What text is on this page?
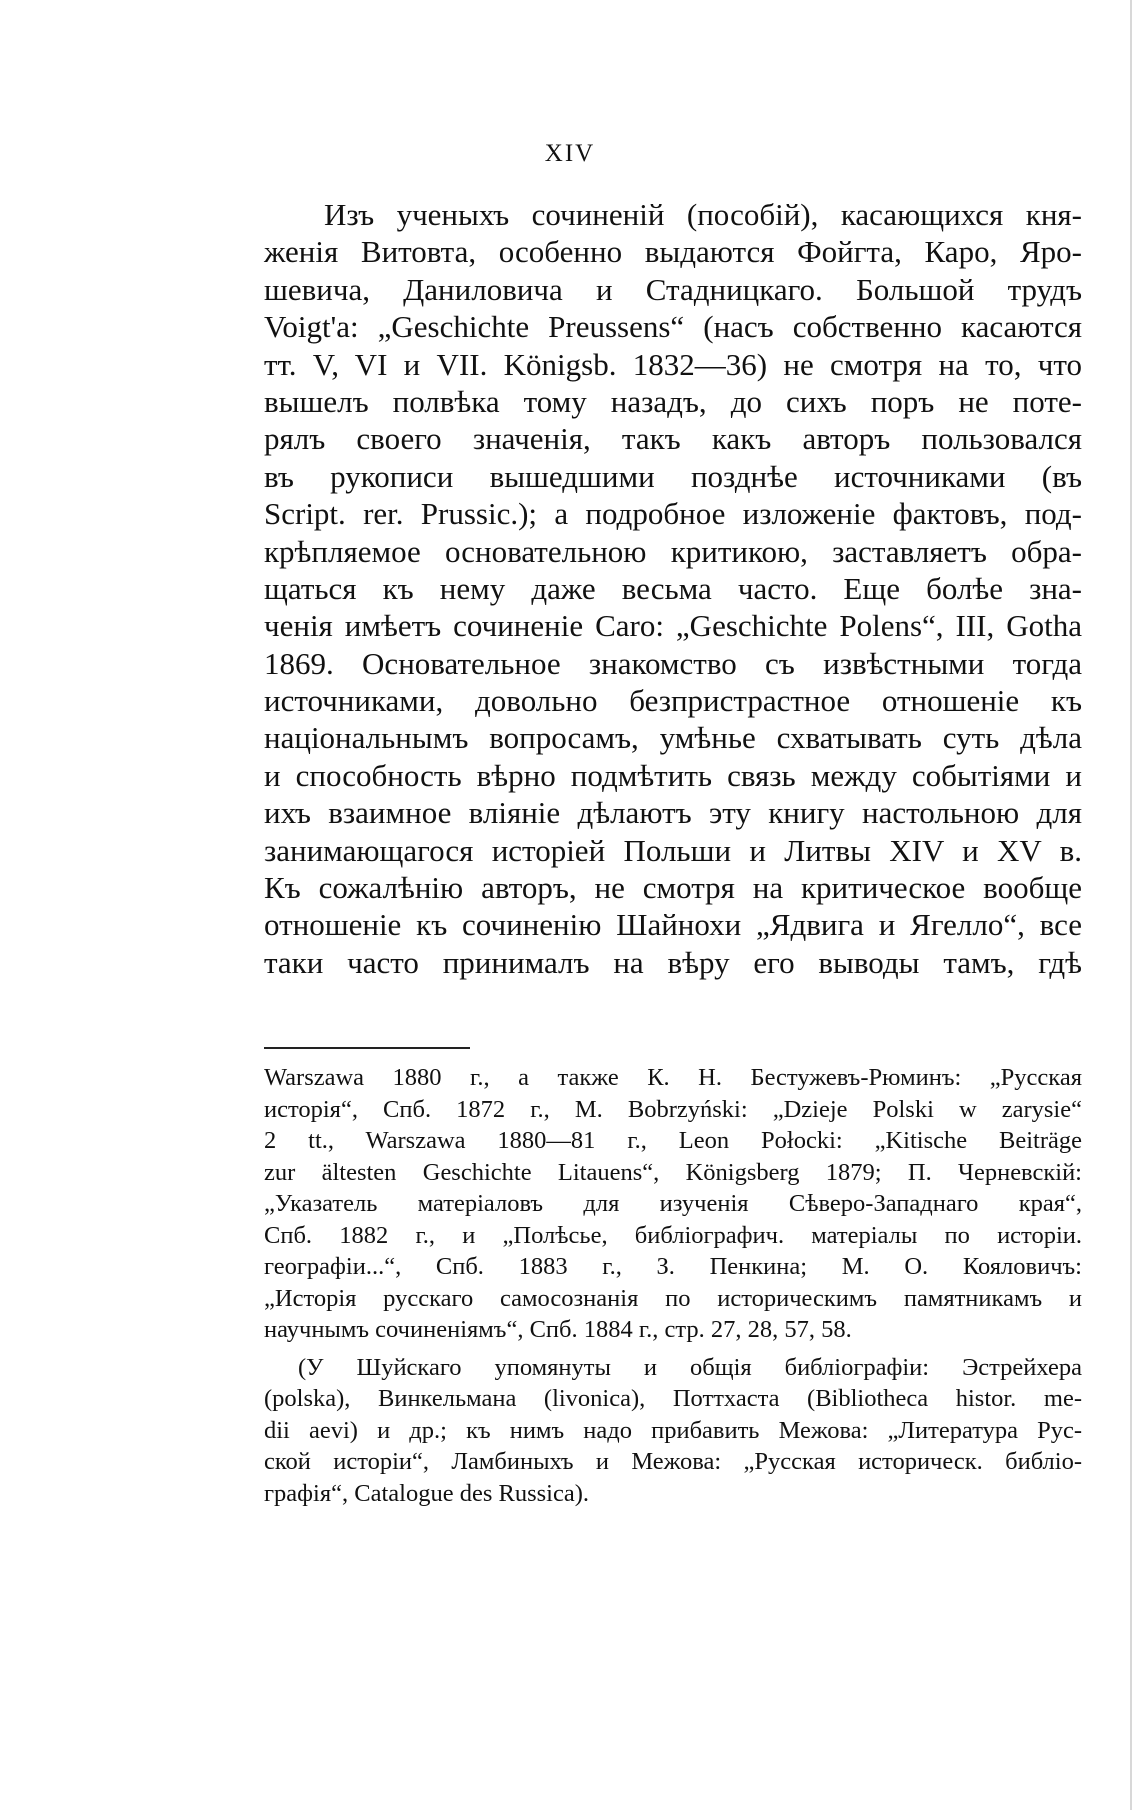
XIV
Изъ ученыхъ сочиненій (пособій), касающихся кня-
женія Витовта, особенно выдаются Фойгта, Каро, Яро-
шевича, Даниловича и Стадницкаго. Большой трудъ
Voigt'а: „Geschichte Preussens“ (насъ собственно касаются
тт. V, VI и VII. Königsb. 1832—36) не смотря на то, что
вышелъ полвѣка тому назадъ, до сихъ поръ не поте-
рялъ своего значенія, такъ какъ авторъ пользовался
въ рукописи вышедшими позднѣе источниками (въ
Script. rer. Prussic.); а подробное изложеніе фактовъ, под-
крѣпляемое основательною критикою, заставляетъ обра-
щаться къ нему даже весьма часто. Еще болѣе зна-
ченія имѣетъ сочиненіе Caro: „Geschichte Polens“, III, Gotha
1869. Основательное знакомство съ извѣстными тогда
источниками, довольно безпристрастное отношеніе къ
національнымъ вопросамъ, умѣнье схватывать суть дѣла
и способность вѣрно подмѣтить связь между событіями и
ихъ взаимное вліяніе дѣлаютъ эту книгу настольною для
занимающагося исторіей Польши и Литвы XIV и XV в.
Къ сожалѣнію авторъ, не смотря на критическое вообще
отношеніе къ сочиненію Шайнохи „Ядвига и Ягелло“, все
таки часто принималъ на вѣру его выводы тамъ, гдѣ
Warszawa 1880 г., а также К. Н. Бестужевъ-Рюминъ: „Русская
исторія“, Спб. 1872 г., M. Bobrzyński: „Dzieje Polski w zarysie“
2 tt., Warszawa 1880—81 г., Leon Połocki: „Kitische Beiträge
zur ältesten Geschichte Litauens“, Königsberg 1879; П. Черневскій:
„Указатель матеріаловъ для изученія Сѣверо-Западнаго края“,
Спб. 1882 г., и „Полѣсье, библіографич. матеріалы по исторіи.
географіи...“, Спб. 1883 г., З. Пенкина; М. О. Кояловичъ:
„Исторія русскаго самосознанія по историческимъ памятникамъ и
научнымъ сочиненіямъ“, Спб. 1884 г., стр. 27, 28, 57, 58.
(У Шуйскаго упомянуты и общія библіографіи: Эстрейхера
(polska), Винкельмана (livonica), Поттхаста (Bibliotheca histor. me-
dii aevi) и др.; къ нимъ надо прибавить Межова: „Литература Рус-
ской исторіи“, Ламбиныхъ и Межова: „Русская историческ. библіо-
графія“, Catalogue des Russica).
